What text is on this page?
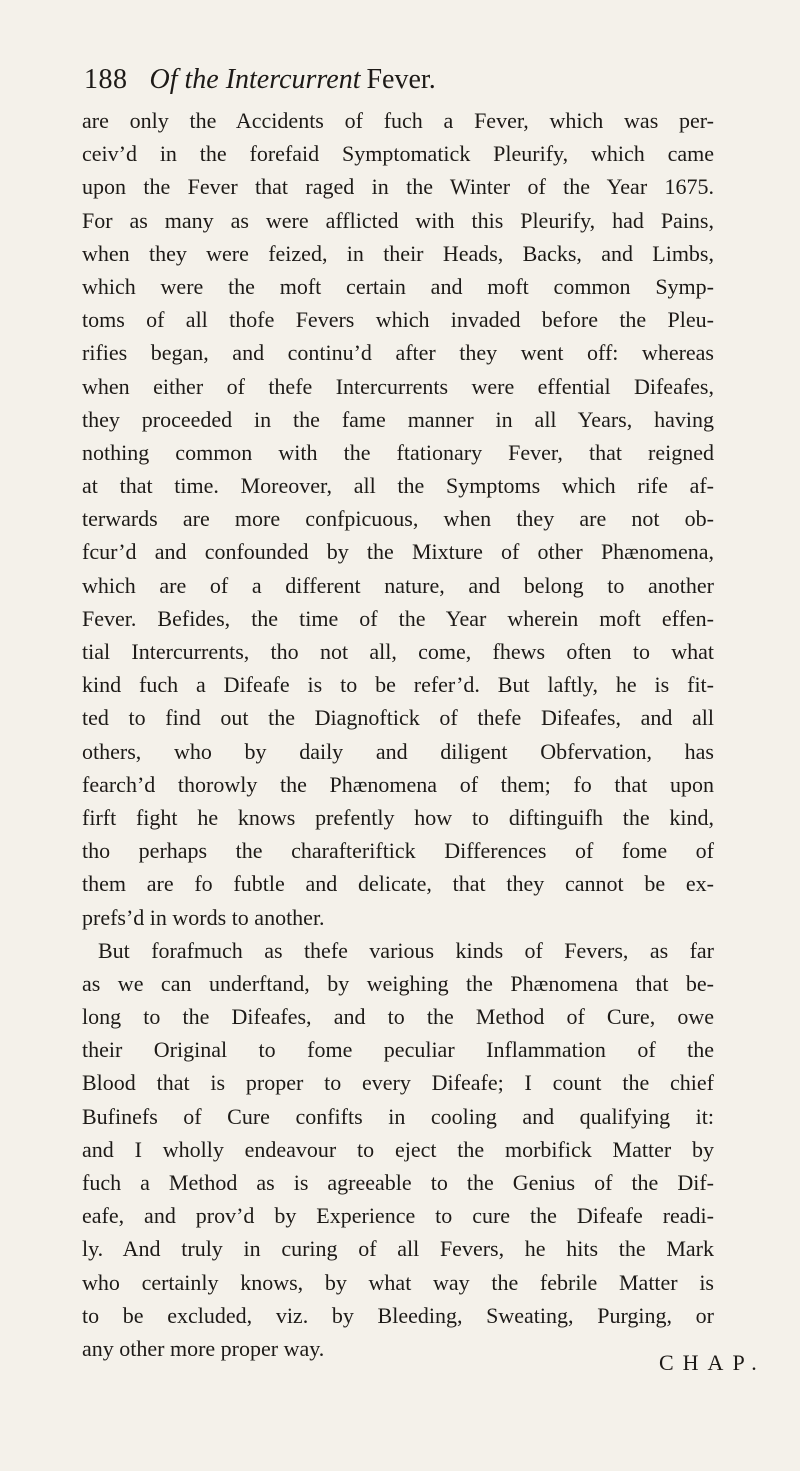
188 Of the Intercurrent Fever.
are only the Accidents of fuch a Fever, which was per-
ceiv’d in the forefaid Symptomatick Pleurify, which came
upon the Fever that raged in the Winter of the Year 1675.
For as many as were afflicted with this Pleurify, had Pains,
when they were feized, in their Heads, Backs, and Limbs,
which were the moft certain and moft common Symp-
toms of all thofe Fevers which invaded before the Pleu-
rifies began, and continu’d after they went off: whereas
when either of thefe Intercurrents were effential Difeafes,
they proceeded in the fame manner in all Years, having
nothing common with the ftationary Fever, that reigned
at that time. Moreover, all the Symptoms which rife af-
terwards are more confpicuous, when they are not ob-
fcur’d and confounded by the Mixture of other Phænomena,
which are of a different nature, and belong to another
Fever. Befides, the time of the Year wherein moft effen-
tial Intercurrents, tho not all, come, fhews often to what
kind fuch a Difeafe is to be refer’d. But laftly, he is fit-
ted to find out the Diagnoftick of thefe Difeafes, and all
others, who by daily and diligent Obfervation, has
fearch’d thorowly the Phænomena of them; fo that upon
firft fight he knows prefently how to diftinguifh the kind,
tho perhaps the charafteriftick Differences of fome of
them are fo fubtle and delicate, that they cannot be ex-
prefs’d in words to another.
But forafmuch as thefe various kinds of Fevers, as far
as we can underftand, by weighing the Phænomena that be-
long to the Difeafes, and to the Method of Cure, owe
their Original to fome peculiar Inflammation of the
Blood that is proper to every Difeafe; I count the chief
Bufinefs of Cure confifts in cooling and qualifying it:
and I wholly endeavour to eject the morbifick Matter by
fuch a Method as is agreeable to the Genius of the Dif-
eafe, and prov’d by Experience to cure the Difeafe readi-
ly. And truly in curing of all Fevers, he hits the Mark
who certainly knows, by what way the febrile Matter is
to be excluded, viz. by Bleeding, Sweating, Purging, or
any other more proper way.
CHAP.
